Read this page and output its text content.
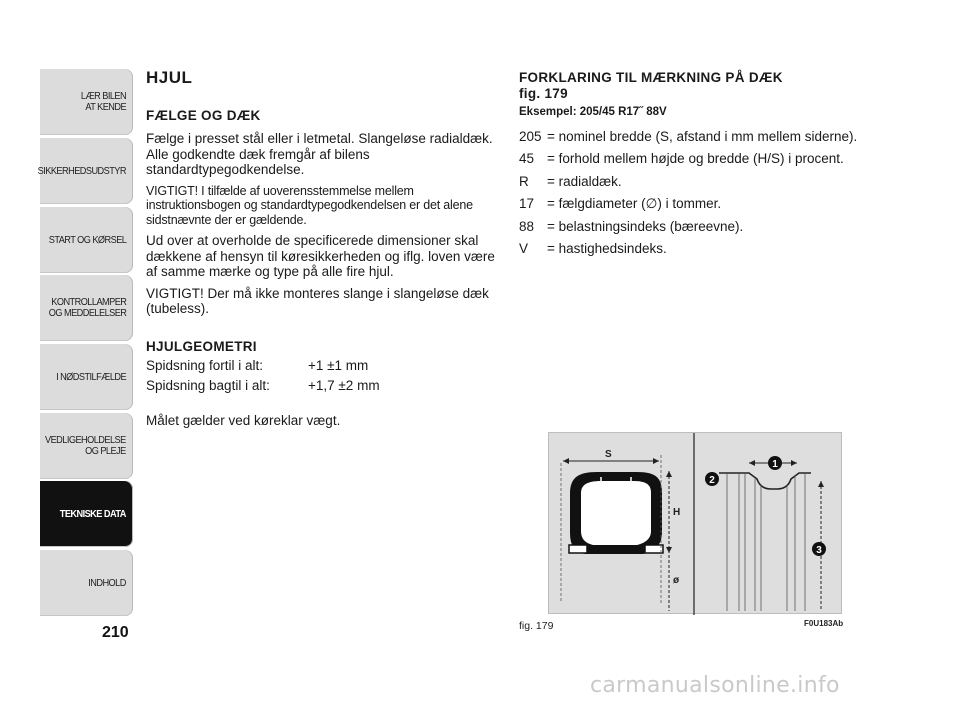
LÆR BILEN
AT KENDE
SIKKERHEDSUDSTYR
START OG KØRSEL
KONTROLLAMPER
OG MEDDELELSER
I NØDSTILFÆLDE
VEDLIGEHOLDELSE
OG PLEJE
TEKNISKE DATA
INDHOLD
210
HJUL
FÆLGE OG DÆK

Fælge i presset stål eller i letmetal. Slangeløse radialdæk. Alle godkendte dæk fremgår af bilens standardtypegodkendelse.

VIGTIGT! I tilfælde af uoverensstemmelse mellem instruktionsbogen og standardtypegodkendelsen er det alene sidstnævnte der er gældende.

Ud over at overholde de specificerede dimensioner skal dækkene af hensyn til køresikkerheden og iflg. loven være af samme mærke og type på alle fire hjul.

VIGTIGT! Der må ikke monteres slange i slangeløse dæk (tubeless).

HJULGEOMETRI
Spidsning fortil i alt:	+1 ±1 mm
Spidsning bagtil i alt:	+1,7 ±2 mm

Målet gælder ved køreklar vægt.

FORKLARING TIL MÆRKNING PÅ DÆK
fig. 179
Eksempel: 205/45 R17˝ 88V
205 = nominel bredde (S, afstand i mm mellem siderne).
45 = forhold mellem højde og bredde (H/S) i procent.
R	= radialdæk.
17 = fælgdiameter (∅) i tommer.
88 = belastningsindeks (bæreevne).
V	= hastighedsindeks.
S
H
ø
1
2
3
fig. 179	F0U183Ab
carmanualsonline.info
